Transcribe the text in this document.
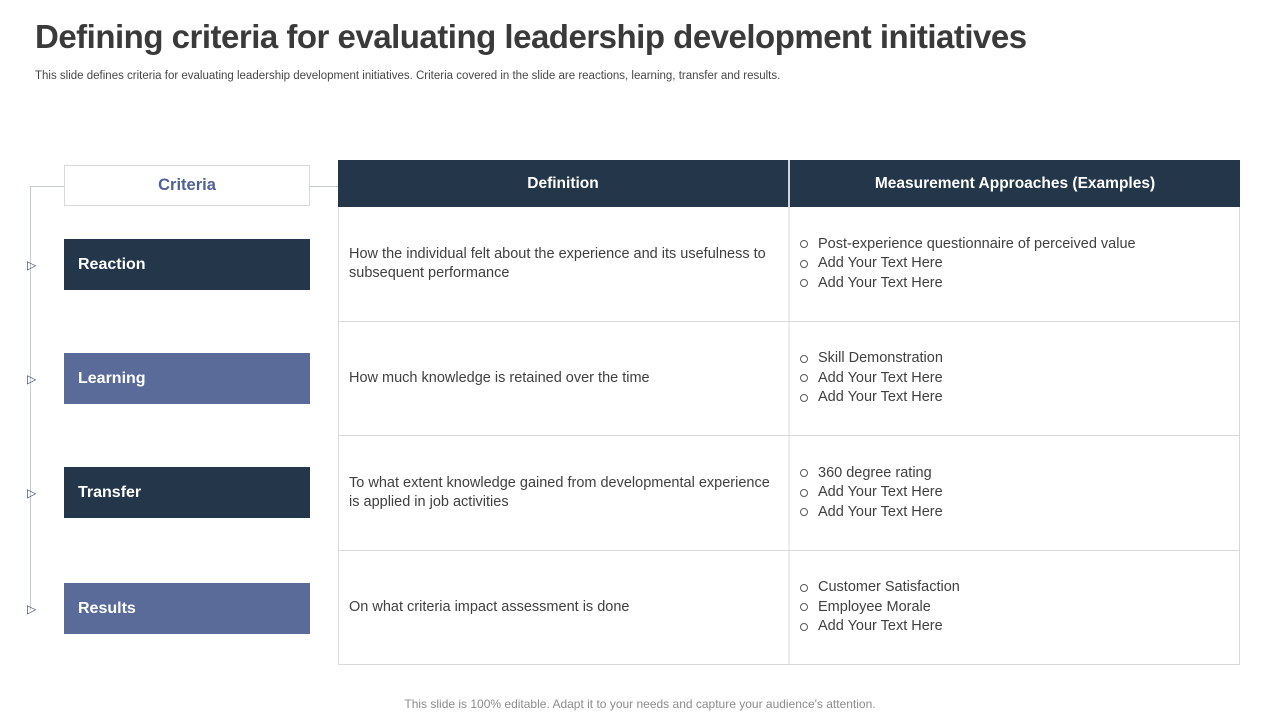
Defining criteria for evaluating leadership development initiatives

This slide defines criteria for evaluating leadership development initiatives. Criteria covered in the slide are reactions, learning, transfer and results.

▷
▷
▷
▷
Criteria
Reaction
Learning
Transfer
Results
Definition	Measurement Approaches (Examples)

How the individual felt about the experience and its usefulness to subsequent performance

Post-experience questionnaire of perceived value
Add Your Text Here
Add Your Text Here

How much knowledge is retained over the time

Skill Demonstration
Add Your Text Here
Add Your Text Here

To what extent knowledge gained from developmental experience is applied in job activities

360 degree rating
Add Your Text Here
Add Your Text Here

On what criteria impact assessment is done

Customer Satisfaction
Employee Morale
Add Your Text Here

This slide is 100% editable. Adapt it to your needs and capture your audience's attention.
